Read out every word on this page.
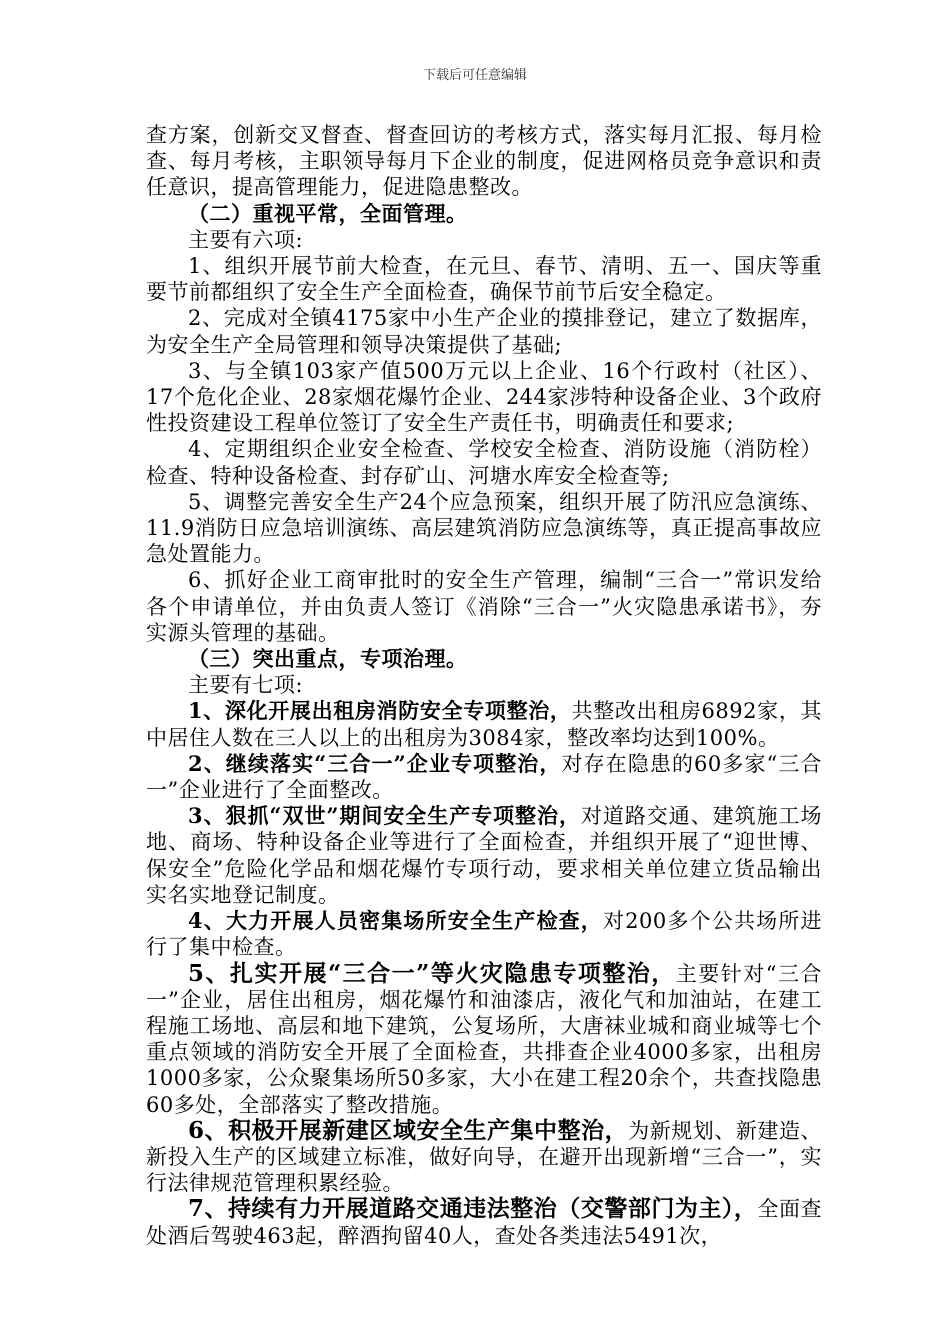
下载后可任意编辑

查方案，创新交叉督查、督查回访的考核方式，落实每月汇报、每月检查、每月考核，主职领导每月下企业的制度，促进网格员竞争意识和责任意识，提高管理能力，促进隐患整改。

（二）重视平常，全面管理。

主要有六项:

1、组织开展节前大检查，在元旦、春节、清明、五一、国庆等重要节前都组织了安全生产全面检查，确保节前节后安全稳定。

2、完成对全镇4175家中小生产企业的摸排登记，建立了数据库，为安全生产全局管理和领导决策提供了基础;

3、与全镇103家产值500万元以上企业、16个行政村（社区）、17个危化企业、28家烟花爆竹企业、244家涉特种设备企业、3个政府性投资建设工程单位签订了安全生产责任书，明确责任和要求;

4、定期组织企业安全检查、学校安全检查、消防设施（消防栓）检查、特种设备检查、封存矿山、河塘水库安全检查等;

5、调整完善安全生产24个应急预案，组织开展了防汛应急演练、11.9消防日应急培训演练、高层建筑消防应急演练等，真正提高事故应急处置能力。

6、抓好企业工商审批时的安全生产管理，编制“三合一”常识发给各个申请单位，并由负责人签订《消除“三合一”火灾隐患承诺书》，夯实源头管理的基础。

（三）突出重点，专项治理。

主要有七项:

1、深化开展出租房消防安全专项整治，共整改出租房6892家，其中居住人数在三人以上的出租房为3084家，整改率均达到100%。

2、继续落实“三合一”企业专项整治，对存在隐患的60多家“三合一”企业进行了全面整改。

3、狠抓“双世”期间安全生产专项整治，对道路交通、建筑施工场地、商场、特种设备企业等进行了全面检查，并组织开展了“迎世博、保安全”危险化学品和烟花爆竹专项行动，要求相关单位建立货品输出实名实地登记制度。

4、大力开展人员密集场所安全生产检查，对200多个公共场所进行了集中检查。

5、扎实开展“三合一”等火灾隐患专项整治，主要针对“三合一”企业，居住出租房，烟花爆竹和油漆店，液化气和加油站，在建工程施工场地、高层和地下建筑，公复场所，大唐袜业城和商业城等七个重点领域的消防安全开展了全面检查，共排查企业4000多家，出租房1000多家，公众聚集场所50多家，大小在建工程20余个，共查找隐患60多处，全部落实了整改措施。

6、积极开展新建区域安全生产集中整治，为新规划、新建造、新投入生产的区域建立标准，做好向导，在避开出现新增“三合一”，实行法律规范管理积累经验。

7、持续有力开展道路交通违法整治（交警部门为主），全面查处酒后驾驶463起，醉酒拘留40人，查处各类违法5491次，
